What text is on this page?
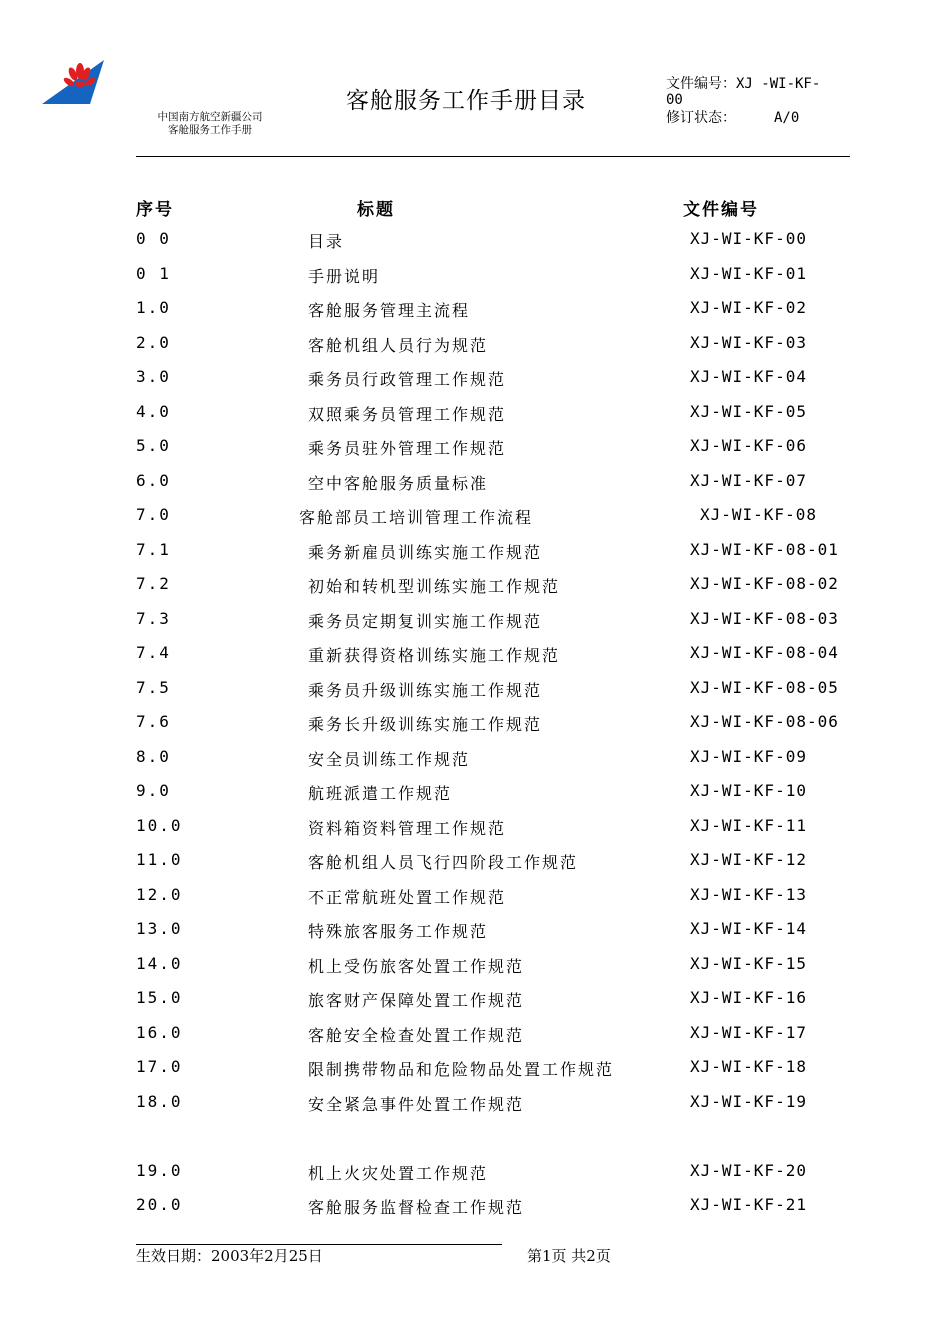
中国南方航空新疆公司
客舱服务工作手册
客舱服务工作手册目录
文件编号：XJ -WI-KF-
00
修订状态：	A/0
序号	标题	文件编号
0 0	目录	XJ-WI-KF-00
0 1	手册说明	XJ-WI-KF-01
1.0	客舱服务管理主流程	XJ-WI-KF-02
2.0	客舱机组人员行为规范	XJ-WI-KF-03
3.0	乘务员行政管理工作规范	XJ-WI-KF-04
4.0	双照乘务员管理工作规范	XJ-WI-KF-05
5.0	乘务员驻外管理工作规范	XJ-WI-KF-06
6.0	空中客舱服务质量标准	XJ-WI-KF-07
7.0	客舱部员工培训管理工作流程	XJ-WI-KF-08
7.1	乘务新雇员训练实施工作规范	XJ-WI-KF-08-01
7.2	初始和转机型训练实施工作规范	XJ-WI-KF-08-02
7.3	乘务员定期复训实施工作规范	XJ-WI-KF-08-03
7.4	重新获得资格训练实施工作规范	XJ-WI-KF-08-04
7.5	乘务员升级训练实施工作规范	XJ-WI-KF-08-05
7.6	乘务长升级训练实施工作规范	XJ-WI-KF-08-06
8.0	安全员训练工作规范	XJ-WI-KF-09
9.0	航班派遣工作规范	XJ-WI-KF-10
10.0	资料箱资料管理工作规范	XJ-WI-KF-11
11.0	客舱机组人员飞行四阶段工作规范	XJ-WI-KF-12
12.0	不正常航班处置工作规范	XJ-WI-KF-13
13.0	特殊旅客服务工作规范	XJ-WI-KF-14
14.0	机上受伤旅客处置工作规范	XJ-WI-KF-15
15.0	旅客财产保障处置工作规范	XJ-WI-KF-16
16.0	客舱安全检查处置工作规范	XJ-WI-KF-17
17.0	限制携带物品和危险物品处置工作规范	XJ-WI-KF-18
18.0	安全紧急事件处置工作规范	XJ-WI-KF-19
19.0	机上火灾处置工作规范	XJ-WI-KF-20
20.0	客舱服务监督检查工作规范	XJ-WI-KF-21
生效日期：2003年2月25日	第1页 共2页
